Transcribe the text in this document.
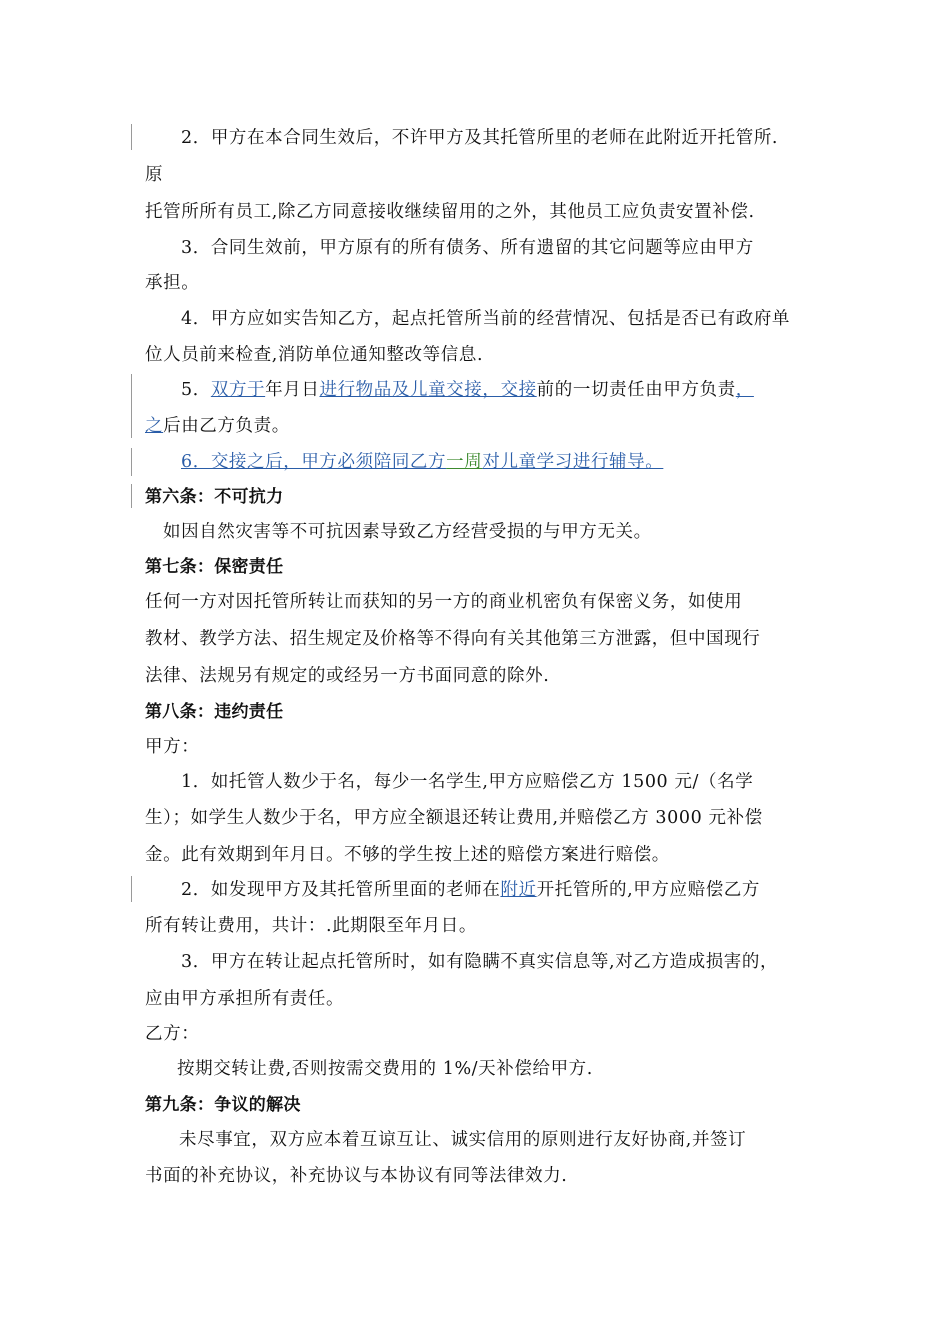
2．甲方在本合同生效后，不许甲方及其托管所里的老师在此附近开托管所.
原
托管所所有员工,除乙方同意接收继续留用的之外，其他员工应负责安置补偿.
3．合同生效前，甲方原有的所有债务、所有遗留的其它问题等应由甲方
承担。
4．甲方应如实告知乙方，起点托管所当前的经营情况、包括是否已有政府单
位人员前来检查,消防单位通知整改等信息.
5．双方于年月日进行物品及儿童交接，交接前的一切责任由甲方负责，
之后由乙方负责。
6．交接之后，甲方必须陪同乙方一周对儿童学习进行辅导。
第六条：不可抗力
如因自然灾害等不可抗因素导致乙方经营受损的与甲方无关。
第七条：保密责任
任何一方对因托管所转让而获知的另一方的商业机密负有保密义务，如使用
教材、教学方法、招生规定及价格等不得向有关其他第三方泄露，但中国现行
法律、法规另有规定的或经另一方书面同意的除外.
第八条：违约责任
甲方：
1．如托管人数少于名，每少一名学生,甲方应赔偿乙方 1500 元/（名学
生）；如学生人数少于名，甲方应全额退还转让费用,并赔偿乙方 3000 元补偿
金。此有效期到年月日。不够的学生按上述的赔偿方案进行赔偿。
2．如发现甲方及其托管所里面的老师在附近开托管所的,甲方应赔偿乙方
所有转让费用，共计：.此期限至年月日。
3．甲方在转让起点托管所时，如有隐瞒不真实信息等,对乙方造成损害的，
应由甲方承担所有责任。
乙方：
按期交转让费,否则按需交费用的 1%/天补偿给甲方.
第九条：争议的解决
未尽事宜，双方应本着互谅互让、诚实信用的原则进行友好协商,并签订
书面的补充协议，补充协议与本协议有同等法律效力.
